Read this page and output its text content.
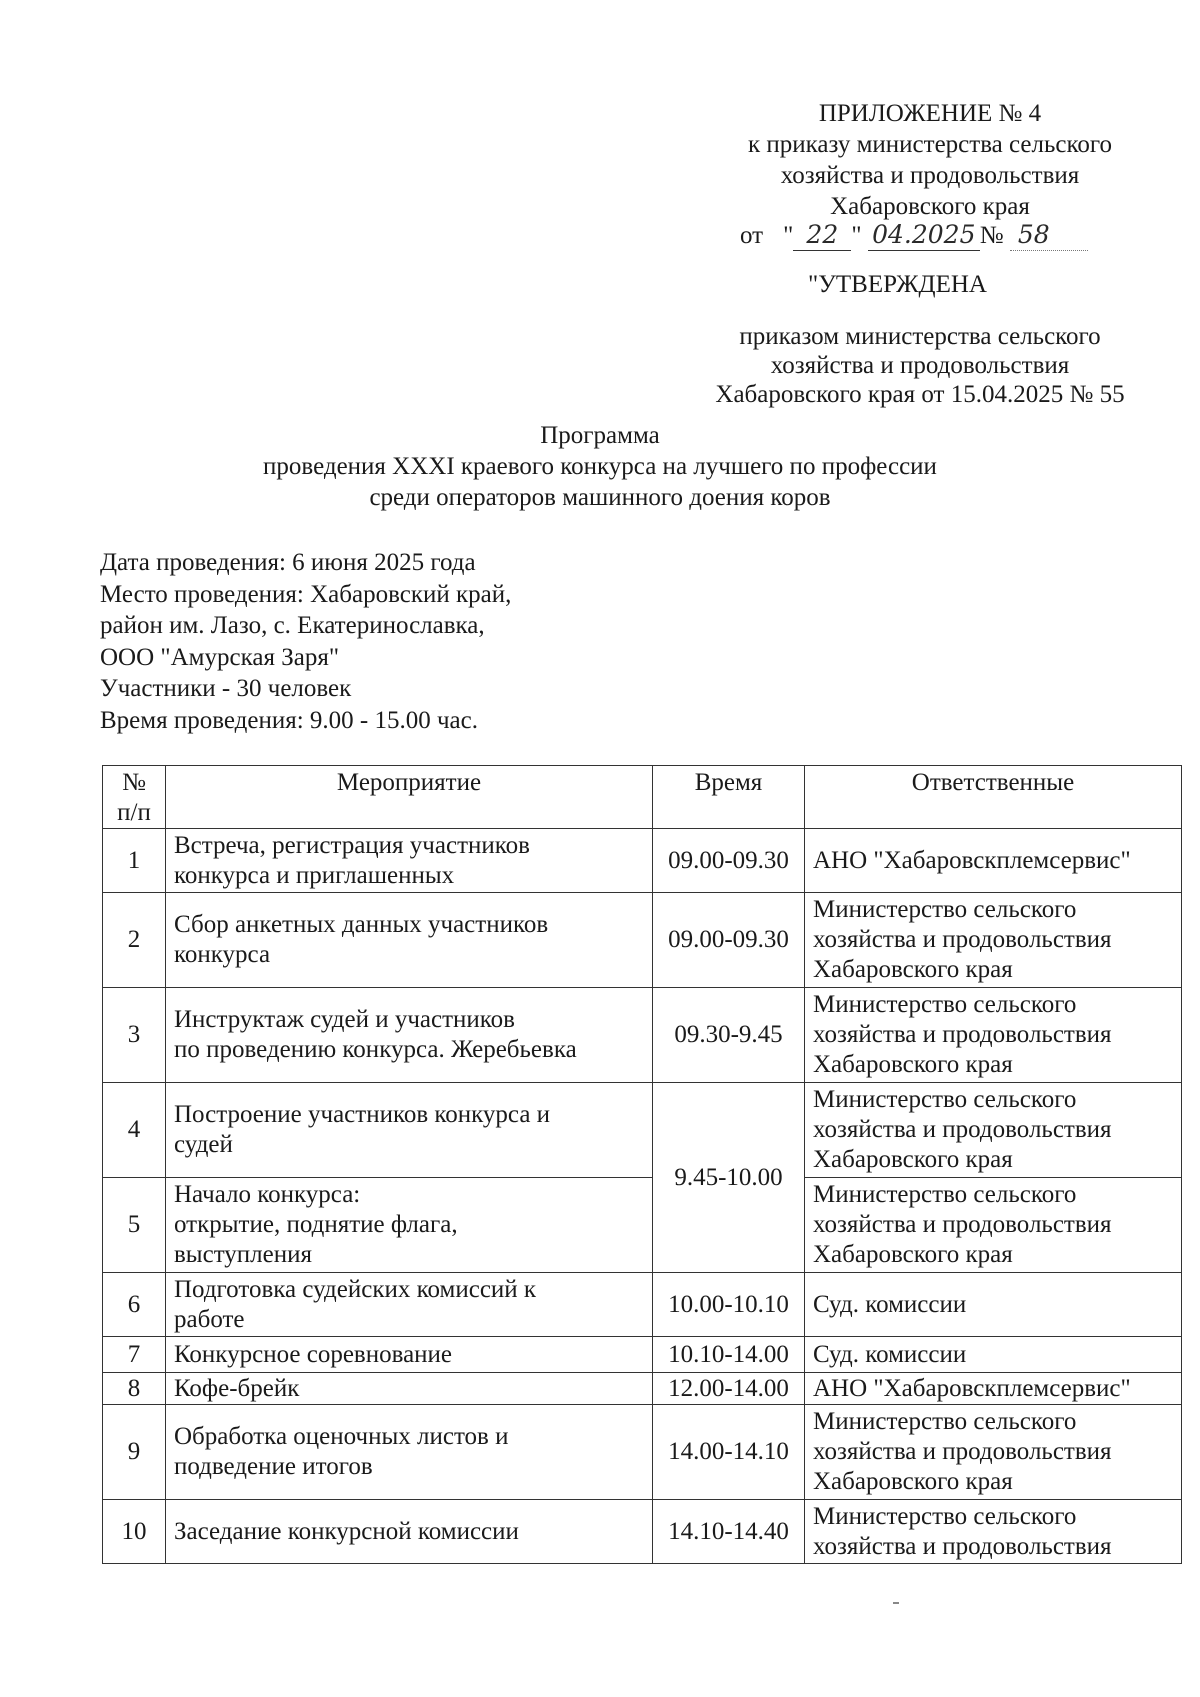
ПРИЛОЖЕНИЕ № 4
к приказу министерства сельского
хозяйства и продовольствия
Хабаровского края
от " 22 " 04.2025 № 58
"УТВЕРЖДЕНА
приказом министерства сельского
хозяйства и продовольствия
Хабаровского края от 15.04.2025 № 55
Программа
проведения XXXI краевого конкурса на лучшего по профессии
среди операторов машинного доения коров
Дата проведения: 6 июня 2025 года
Место проведения: Хабаровский край,
район им. Лазо, с. Екатеринославка,
ООО "Амурская Заря"
Участники - 30 человек
Время проведения: 9.00 - 15.00 час.
№
п/п	Мероприятие	Время	Ответственные
1	Встреча, регистрация участников
конкурса и приглашенных	09.00-09.30	АНО "Хабаровскплемсервис"

2	Сбор анкетных данных участников
конкурса	09.00-09.30	Министерство сельского
хозяйства и продовольствия
Хабаровского края

3	Инструктаж судей и участников
по проведению конкурса. Жеребьевка	09.30-9.45	Министерство сельского
хозяйства и продовольствия
Хабаровского края

4	Построение участников конкурса и
судей	9.45-10.00	Министерство сельского
хозяйства и продовольствия
Хабаровского края

5	Начало конкурса:
открытие, поднятие флага,
выступления		Министерство сельского
хозяйства и продовольствия
Хабаровского края

6	Подготовка судейских комиссий к
работе	10.00-10.10	Суд. комиссии

7	Конкурсное соревнование	10.10-14.00	Суд. комиссии

8	Кофе-брейк	12.00-14.00	АНО "Хабаровскплемсервис"

9	Обработка оценочных листов и
подведение итогов	14.00-14.10	Министерство сельского
хозяйства и продовольствия
Хабаровского края

10	Заседание конкурсной комиссии	14.10-14.40	Министерство сельского
хозяйства и продовольствия
